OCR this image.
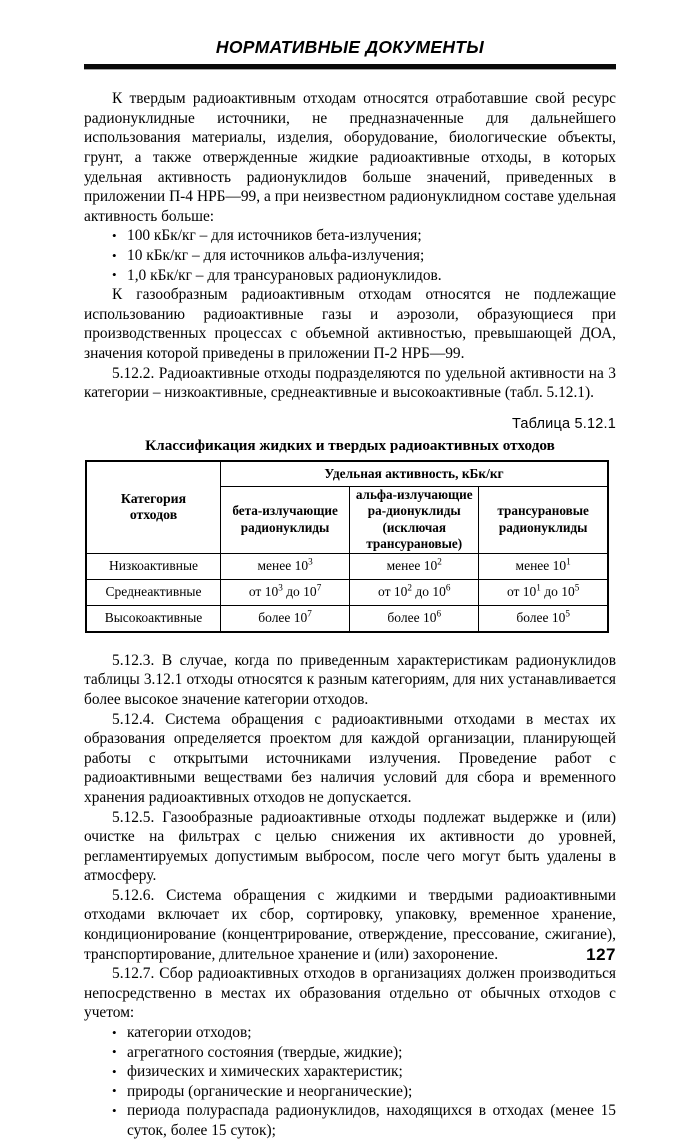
НОРМАТИВНЫЕ ДОКУМЕНТЫ

К твердым радиоактивным отходам относятся отработавшие свой ресурс радионуклидные источники, не предназначенные для дальнейшего использования материалы, изделия, оборудование, биологические объекты, грунт, а также отвержденные жидкие радиоактивные отходы, в которых удельная активность радионуклидов больше значений, приведенных в приложении П-4 НРБ—99, а при неизвестном радионуклидном составе удельная активность больше:

• 100 кБк/кг – для источников бета-излучения;
• 10 кБк/кг – для источников альфа-излучения;
• 1,0 кБк/кг – для трансурановых радионуклидов.

К газообразным радиоактивным отходам относятся не подлежащие использованию радиоактивные газы и аэрозоли, образующиеся при производственных процессах с объемной активностью, превышающей ДОА, значения которой приведены в приложении П-2 НРБ—99.

5.12.2. Радиоактивные отходы подразделяются по удельной активности на 3 категории – низкоактивные, среднеактивные и высокоактивные (табл. 5.12.1).

Таблица 5.12.1
Классификация жидких и твердых радиоактивных отходов
Категория
отходов	Удельная активность, кБк/кг		
	бета-излучающие радионуклиды	альфа-излучающие ра-дионуклиды (исключая трансурановые)	трансурановые радионуклиды
Низкоактивные	менее $10^3$	менее $10^2$	менее $10^1$
Среднеактивные	от $10^3$ до $10^7$	от $10^2$ до $10^6$	от $10^1$ до $10^5$
Высокоактивные	более $10^7$	более $10^6$	более $10^5$

5.12.3. В случае, когда по приведенным характеристикам радионуклидов таблицы 3.12.1 отходы относятся к разным категориям, для них устанавливается более высокое значение категории отходов.

5.12.4. Система обращения с радиоактивными отходами в местах их образования определяется проектом для каждой организации, планирующей работы с открытыми источниками излучения. Проведение работ с радиоактивными веществами без наличия условий для сбора и временного хранения радиоактивных отходов не допускается.

5.12.5. Газообразные радиоактивные отходы подлежат выдержке и (или) очистке на фильтрах с целью снижения их активности до уровней, регламентируемых допустимым выбросом, после чего могут быть удалены в атмосферу.

5.12.6. Система обращения с жидкими и твердыми радиоактивными отходами включает их сбор, сортировку, упаковку, временное хранение, кондиционирование (концентрирование, отверждение, прессование, сжигание), транспортирование, длительное хранение и (или) захоронение.

5.12.7. Сбор радиоактивных отходов в организациях должен производиться непосредственно в местах их образования отдельно от обычных отходов с учетом:

• категории отходов;
• агрегатного состояния (твердые, жидкие);
• физических и химических характеристик;
• природы (органические и неорганические);
• периода полураспада радионуклидов, находящихся в отходах (менее 15 суток, более 15 суток);
127
